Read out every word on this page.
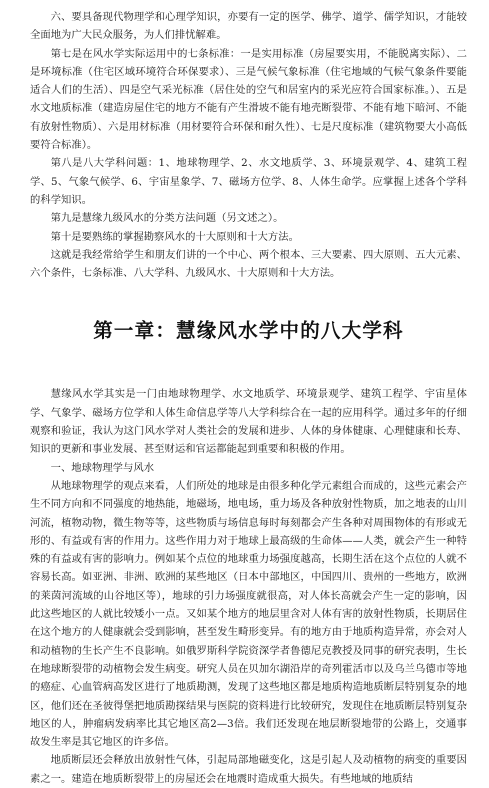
六、要具备现代物理学和心理学知识，亦要有一定的医学、佛学、道学、儒学知识，才能较全面地为广大民众服务，为人们排忧解难。

第七是在风水学实际运用中的七条标准：一是实用标准（房屋要实用，不能脱离实际）、二是环境标准（住宅区域环境符合环保要求）、三是气候气象标准（住宅地域的气候气象条件要能适合人们的生活）、四是空气采光标准（居住处的空气和居室内的采光应符合国家标准。）、五是水文地质标准（建造房屋住宅的地方不能有产生滑坡不能有地壳断裂带、不能有地下暗河、不能有放射性物质）、六是用材标准（用材要符合环保和耐久性）、七是尺度标准（建筑物要大小高低要符合标准）。

第八是八大学科问题：1、地球物理学、2、水文地质学、3、环境景观学、4、建筑工程学、5、气象气候学、6、宇宙星象学、7、磁场方位学、8、人体生命学。应掌握上述各个学科的科学知识。

第九是慧缘九级风水的分类方法问题（另文述之）。

第十是要熟练的掌握勘察风水的十大原则和十大方法。

这就是我经常给学生和朋友们讲的一个中心、两个根本、三大要素、四大原则、五大元素、六个条件，七条标准、八大学科、九级风水、十大原则和十大方法。

第一章：慧缘风水学中的八大学科

慧缘风水学其实是一门由地球物理学、水文地质学、环境景观学、建筑工程学、宇宙星体学、气象学、磁场方位学和人体生命信息学等八大学科综合在一起的应用科学。通过多年的仔细观察和验证，我认为这门风水学对人类社会的发展和进步、人体的身体健康、心理健康和长寿、知识的更新和事业发展、甚至财运和官运都能起到重要和积极的作用。

一、地球物理学与风水

从地球物理学的观点来看，人们所处的地球是由很多种化学元素组合而成的，这些元素会产生不同方向和不同强度的地热能，地磁场，地电场，重力场及各种放射性物质，加之地表的山川河流，植物动物，微生物等等，这些物质与场信息每时每刻都会产生各种对周围物体的有形或无形的、有益或有害的作用力。这些作用力对于地球上最高级的生命体——人类，就会产生一种特殊的有益或有害的影响力。例如某个点位的地球重力场强度越高，长期生活在这个点位的人就不容易长高。如亚洲、非洲、欧洲的某些地区（日本中部地区，中国四川、贵州的一些地方，欧洲的莱茵河流域的山谷地区等），地球的引力场强度就很高，对人体长高就会产生一定的影响，因此这些地区的人就比较矮小一点。又如某个地方的地层里含对人体有害的放射性物质，长期居住在这个地方的人健康就会受到影响，甚至发生畸形变异。有的地方由于地质构造异常，亦会对人和动植物的生长产生不良影响。如俄罗斯科学院资深学者鲁德尼克教授及同事的研究表明，生长在地球断裂带的动植物会发生病变。研究人员在贝加尔湖沿岸的奇列霍活市以及乌兰乌德市等地的癌症、心血管病高发区进行了地质勘测，发现了这些地区都是地质构造地质断层特别复杂的地区，他们还在圣彼得堡把地质勘探结果与医院的资料进行比较研究，发现住在地质断层特别复杂地区的人，肿瘤病发病率比其它地区高2—3倍。我们还发现在地层断裂地带的公路上，交通事故发生率是其它地区的许多倍。

地质断层还会释放出放射性气体，引起局部地磁变化，这是引起人及动植物的病变的重要因素之一。建造在地质断裂带上的房屋还会在地震时造成重大损失。有些地域的地质结
